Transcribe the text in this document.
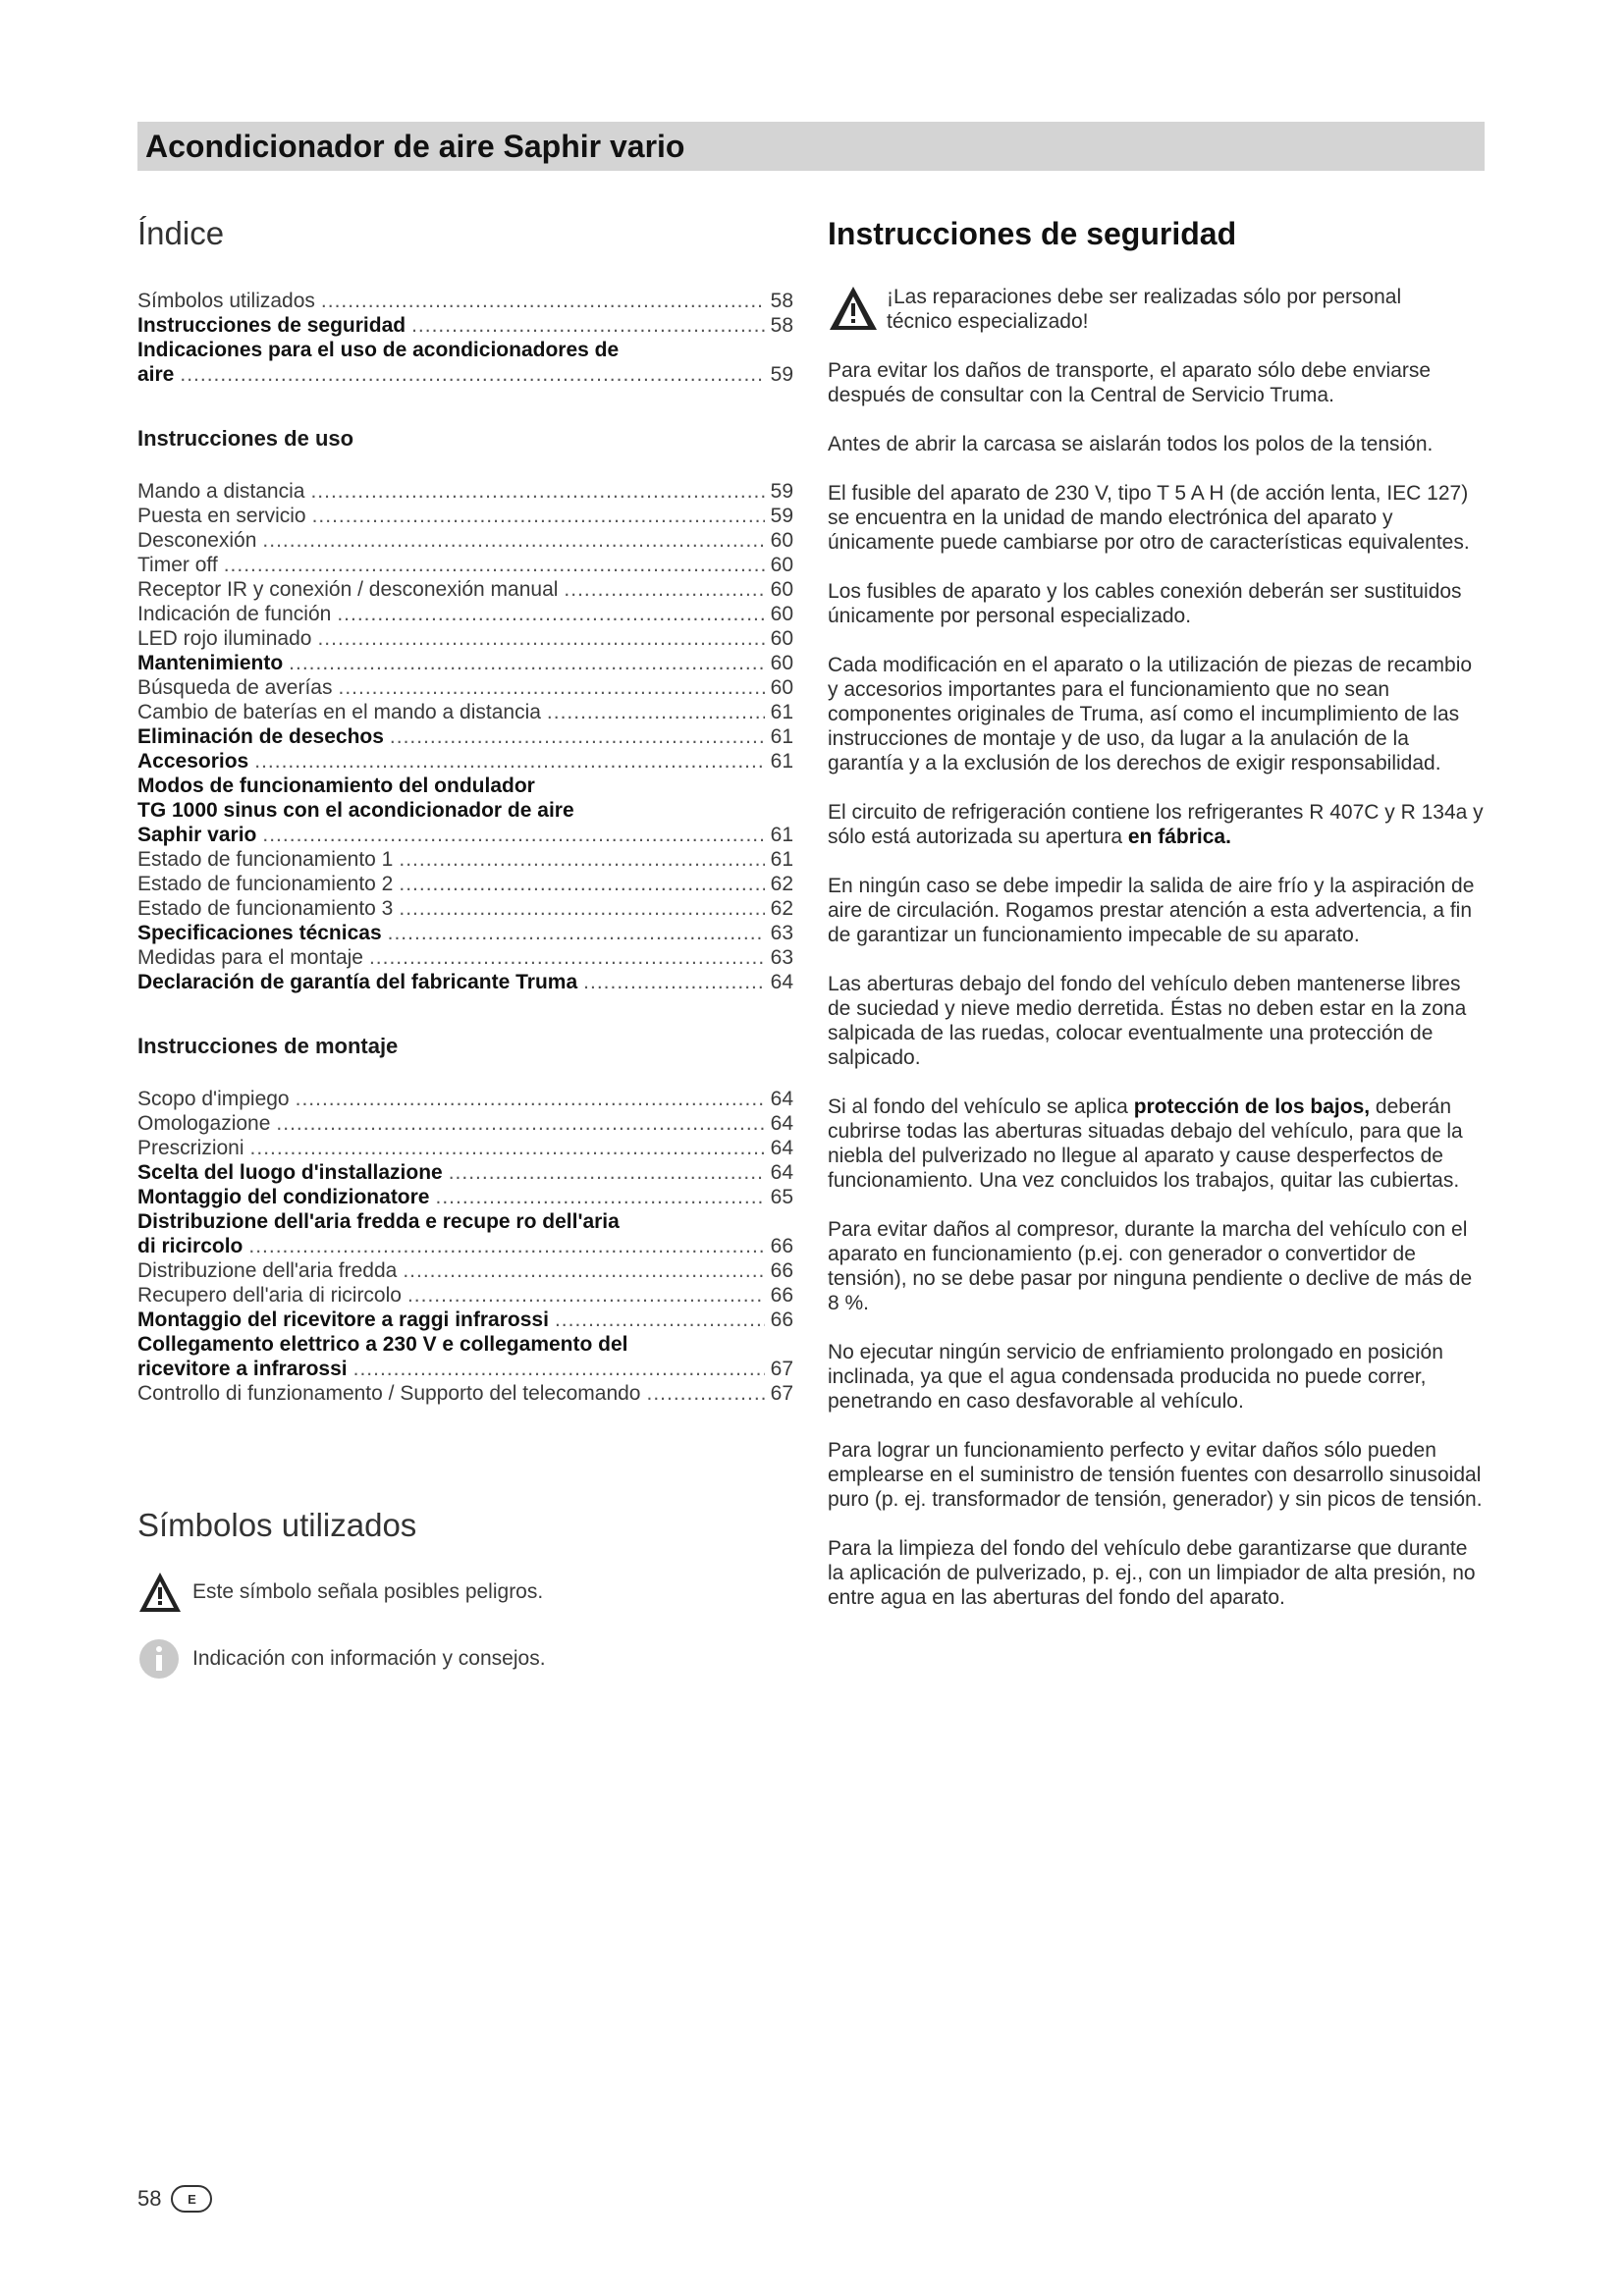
Acondicionador de aire Saphir vario
Índice
Símbolos utilizados .....	58
Instrucciones de seguridad .....	58
Indicaciones para el uso de acondicionadores de
aire .....	59
Instrucciones de uso
Mando a distancia .....	59
Puesta en servicio .....	59
Desconexión .....	60
Timer off .....	60
Receptor IR y conexión / desconexión manual .....	60
Indicación de función .....	60
LED rojo iluminado .....	60
Mantenimiento .....	60
Búsqueda de averías .....	60
Cambio de baterías en el mando a distancia .....	61
Eliminación de desechos .....	61
Accesorios .....	61
Modos de funcionamiento del ondulador
TG 1000 sinus con el acondicionador de aire
Saphir vario .....	61
Estado de funcionamiento 1 .....	61
Estado de funcionamiento 2 .....	62
Estado de funcionamiento 3 .....	62
Specificaciones técnicas .....	63
Medidas para el montaje .....	63
Declaración de garantía del fabricante Truma .....	64
Instrucciones de montaje
Scopo d'impiego .....	64
Omologazione .....	64
Prescrizioni .....	64
Scelta del luogo d'installazione .....	64
Montaggio del condizionatore .....	65
Distribuzione dell'aria fredda e recupe ro dell'aria
di ricircolo .....	66
Distribuzione dell'aria fredda .....	66
Recupero dell'aria di ricircolo .....	66
Montaggio del ricevitore a raggi infrarossi .....	66
Collegamento elettrico a 230 V e collegamento del
ricevitore a infrarossi .....	67
Controllo di funzionamento / Supporto del telecomando .....	67
Símbolos utilizados
Este símbolo señala posibles peligros.
Indicación con información y consejos.
Instrucciones de seguridad
¡Las reparaciones debe ser realizadas sólo por personal
técnico especializado!

Para evitar los daños de transporte, el aparato sólo debe enviarse después de consultar con la Central de Servicio Truma.

Antes de abrir la carcasa se aislarán todos los polos de la tensión.

El fusible del aparato de 230 V, tipo T 5 A H (de acción lenta, IEC 127) se encuentra en la unidad de mando electrónica del aparato y únicamente puede cambiarse por otro de características equivalentes.

Los fusibles de aparato y los cables conexión deberán ser sustituidos únicamente por personal especializado.

Cada modificación en el aparato o la utilización de piezas de recambio y accesorios importantes para el funcionamiento que no sean componentes originales de Truma, así como el incumplimiento de las instrucciones de montaje y de uso, da lugar a la anulación de la garantía y a la exclusión de los derechos de exigir responsabilidad.

El circuito de refrigeración contiene los refrigerantes R 407C y R 134a y sólo está autorizada su apertura en fábrica.

En ningún caso se debe impedir la salida de aire frío y la aspiración de aire de circulación. Rogamos prestar atención a esta advertencia, a fin de garantizar un funcionamiento impecable de su aparato.

Las aberturas debajo del fondo del vehículo deben mantenerse libres de suciedad y nieve medio derretida. Éstas no deben estar en la zona salpicada de las ruedas, colocar eventualmente una protección de salpicado.

Si al fondo del vehículo se aplica protección de los bajos, deberán cubrirse todas las aberturas situadas debajo del vehículo, para que la niebla del pulverizado no llegue al aparato y cause desperfectos de funcionamiento. Una vez concluidos los trabajos, quitar las cubiertas.

Para evitar daños al compresor, durante la marcha del vehículo con el aparato en funcionamiento (p.ej. con generador o convertidor de tensión), no se debe pasar por ninguna pendiente o declive de más de 8 %.

No ejecutar ningún servicio de enfriamiento prolongado en posición inclinada, ya que el agua condensada producida no puede correr, penetrando en caso desfavorable al vehículo.

Para lograr un funcionamiento perfecto y evitar daños sólo pueden emplearse en el suministro de tensión fuentes con desarrollo sinusoidal puro (p. ej. transformador de tensión, generador) y sin picos de tensión.

Para la limpieza del fondo del vehículo debe garantizarse que durante la aplicación de pulverizado, p. ej., con un limpiador de alta presión, no entre agua en las aberturas del fondo del aparato.

58	E
